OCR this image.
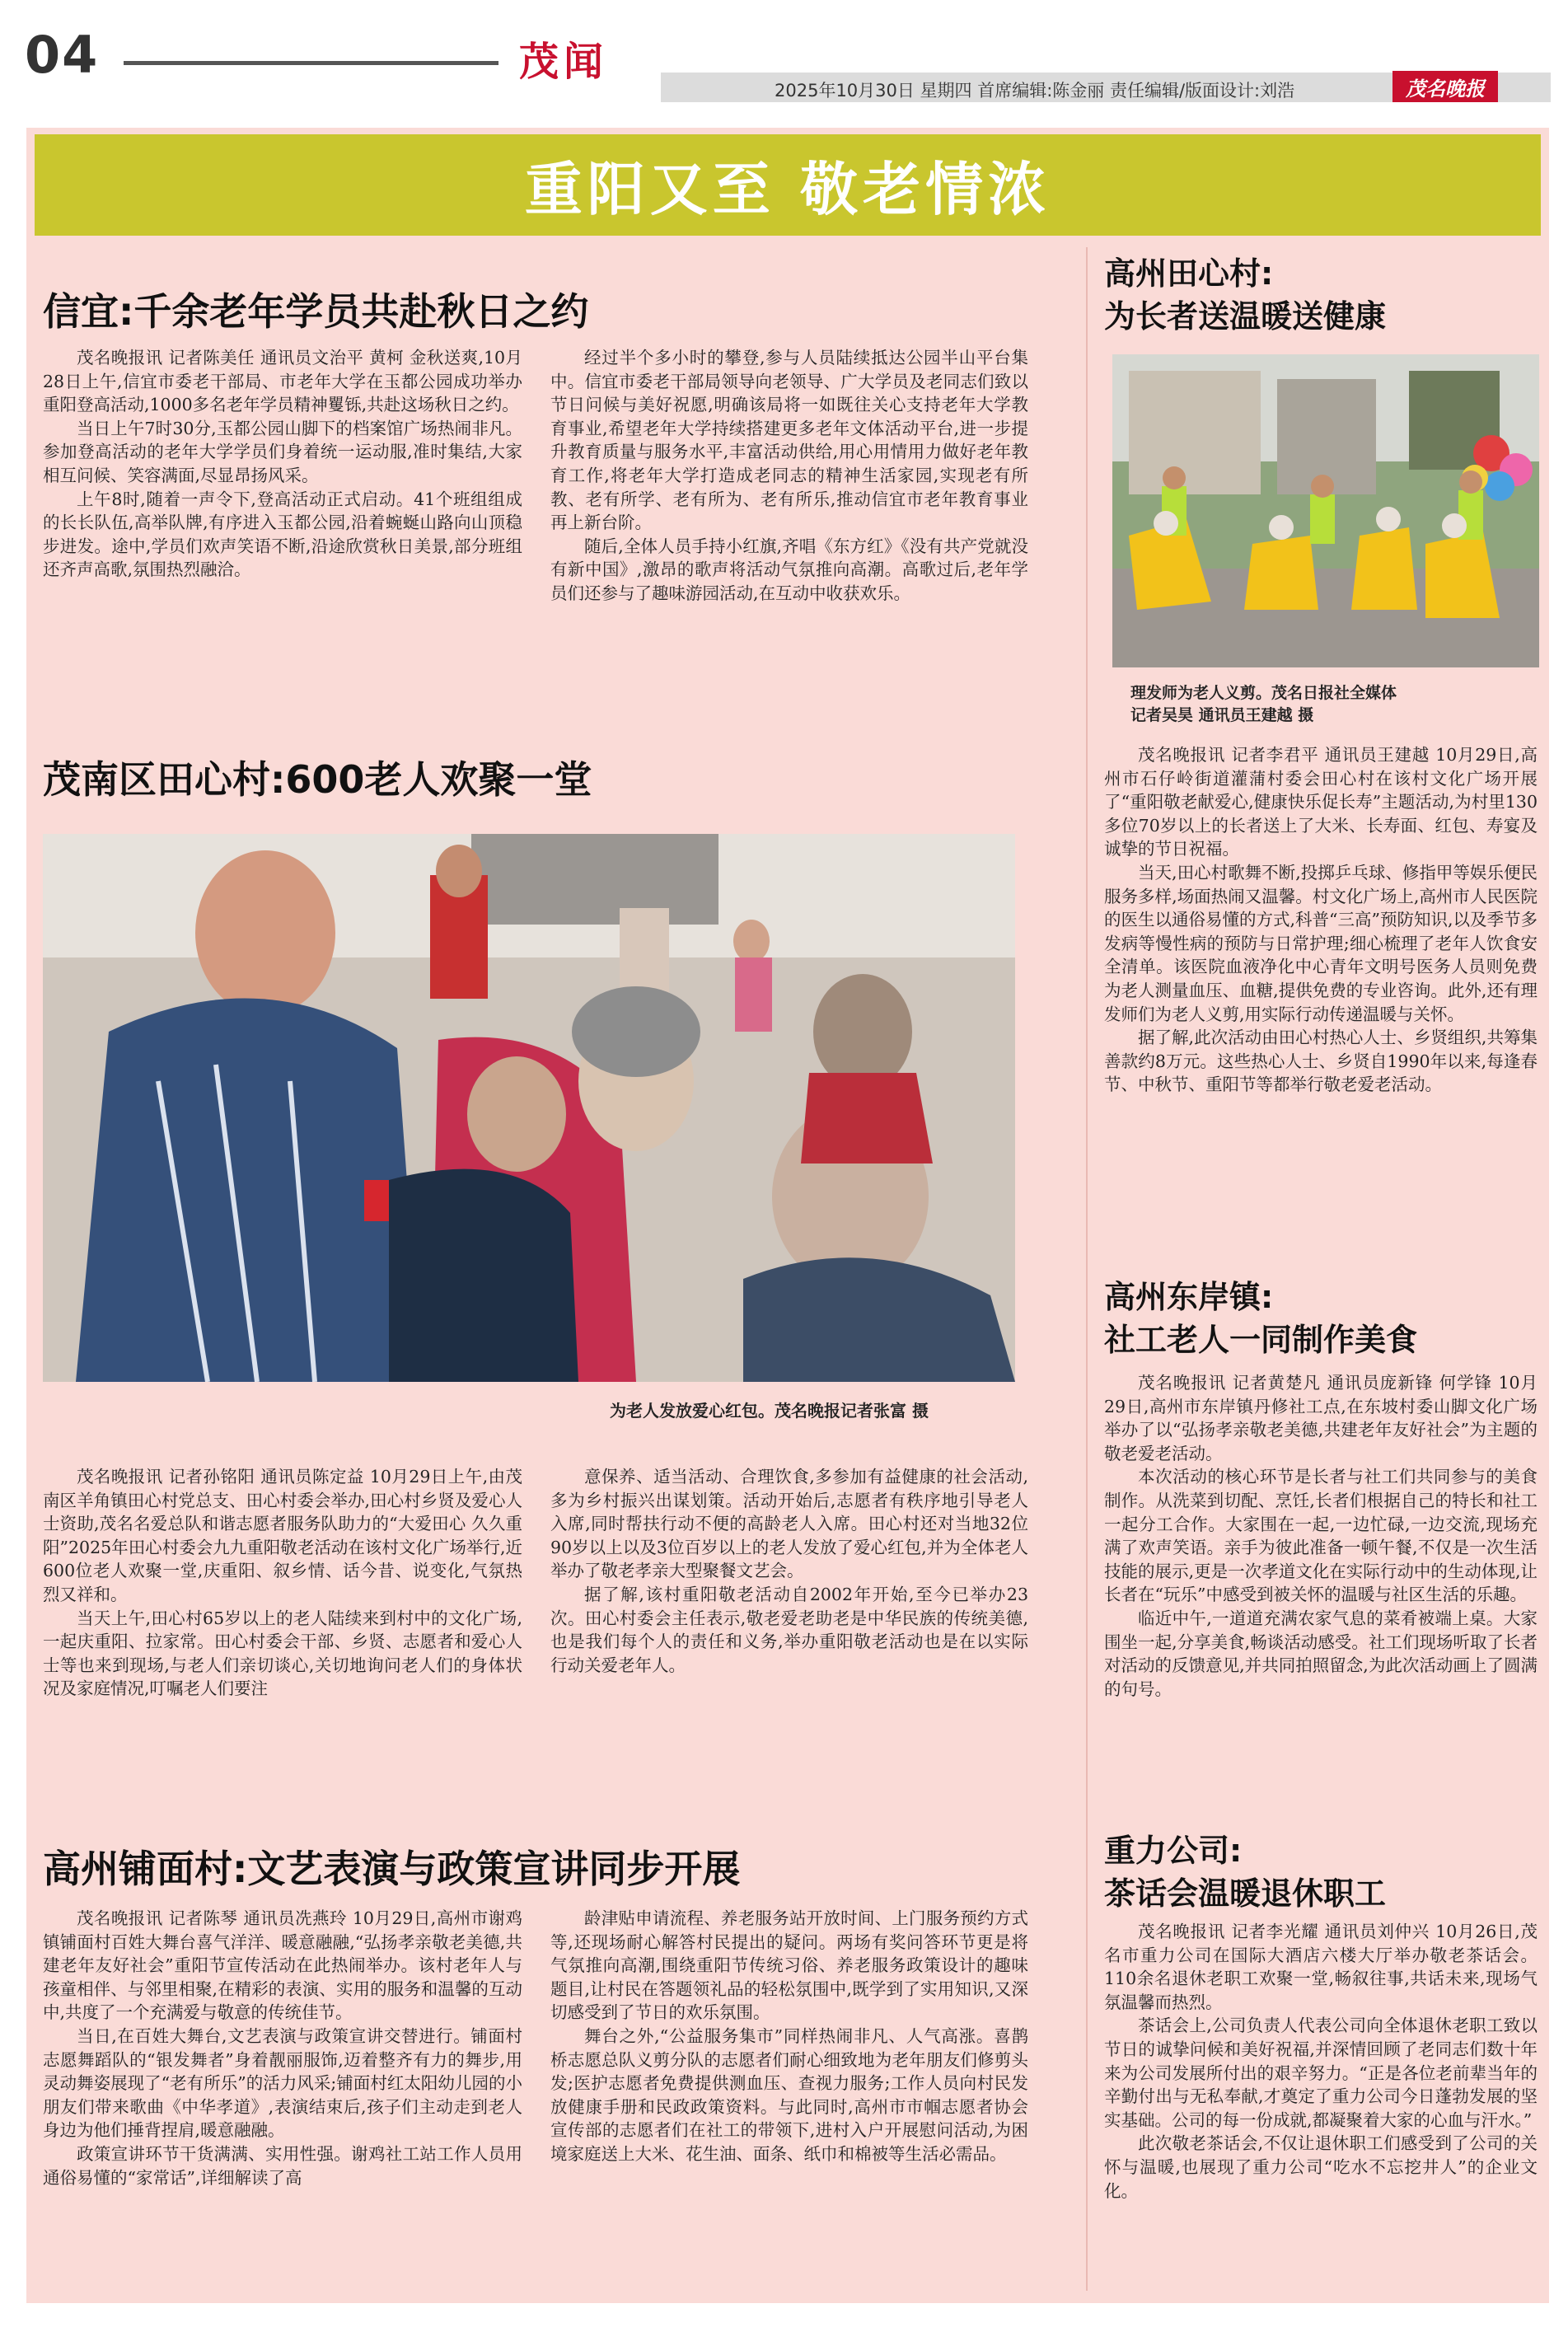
04	茂闻
2025年10月30日 星期四 首席编辑:陈金丽 责任编辑/版面设计:刘浩	茂名晚报
重阳又至 敬老情浓
信宜:千余老年学员共赴秋日之约

茂名晚报讯 记者陈美任 通讯员文治平 黄柯 金秋送爽,10月28日上午,信宜市委老干部局、市老年大学在玉都公园成功举办重阳登高活动,1000多名老年学员精神矍铄,共赴这场秋日之约。

当日上午7时30分,玉都公园山脚下的档案馆广场热闹非凡。参加登高活动的老年大学学员们身着统一运动服,准时集结,大家相互问候、笑容满面,尽显昂扬风采。

上午8时,随着一声令下,登高活动正式启动。41个班组组成的长长队伍,高举队牌,有序进入玉都公园,沿着蜿蜒山路向山顶稳步进发。途中,学员们欢声笑语不断,沿途欣赏秋日美景,部分班组还齐声高歌,氛围热烈融洽。

经过半个多小时的攀登,参与人员陆续抵达公园半山平台集中。信宜市委老干部局领导向老领导、广大学员及老同志们致以节日问候与美好祝愿,明确该局将一如既往关心支持老年大学教育事业,希望老年大学持续搭建更多老年文体活动平台,进一步提升教育质量与服务水平,丰富活动供给,用心用情用力做好老年教育工作,将老年大学打造成老同志的精神生活家园,实现老有所教、老有所学、老有所为、老有所乐,推动信宜市老年教育事业再上新台阶。

随后,全体人员手持小红旗,齐唱《东方红》《没有共产党就没有新中国》,激昂的歌声将活动气氛推向高潮。高歌过后,老年学员们还参与了趣味游园活动,在互动中收获欢乐。

茂南区田心村:600老人欢聚一堂
为老人发放爱心红包。茂名晚报记者张富 摄

茂名晚报讯 记者孙铭阳 通讯员陈定益 10月29日上午,由茂南区羊角镇田心村党总支、田心村委会举办,田心村乡贤及爱心人士资助,茂名名爱总队和谐志愿者服务队助力的“大爱田心 久久重阳”2025年田心村委会九九重阳敬老活动在该村文化广场举行,近600位老人欢聚一堂,庆重阳、叙乡情、话今昔、说变化,气氛热烈又祥和。

当天上午,田心村65岁以上的老人陆续来到村中的文化广场,一起庆重阳、拉家常。田心村委会干部、乡贤、志愿者和爱心人士等也来到现场,与老人们亲切谈心,关切地询问老人们的身体状况及家庭情况,叮嘱老人们要注

意保养、适当活动、合理饮食,多参加有益健康的社会活动,多为乡村振兴出谋划策。活动开始后,志愿者有秩序地引导老人入席,同时帮扶行动不便的高龄老人入席。田心村还对当地32位90岁以上以及3位百岁以上的老人发放了爱心红包,并为全体老人举办了敬老孝亲大型聚餐文艺会。

据了解,该村重阳敬老活动自2002年开始,至今已举办23次。田心村委会主任表示,敬老爱老助老是中华民族的传统美德,也是我们每个人的责任和义务,举办重阳敬老活动也是在以实际行动关爱老年人。

高州铺面村:文艺表演与政策宣讲同步开展

茂名晚报讯 记者陈琴 通讯员冼燕玲 10月29日,高州市谢鸡镇铺面村百姓大舞台喜气洋洋、暖意融融,“弘扬孝亲敬老美德,共建老年友好社会”重阳节宣传活动在此热闹举办。该村老年人与孩童相伴、与邻里相聚,在精彩的表演、实用的服务和温馨的互动中,共度了一个充满爱与敬意的传统佳节。

当日,在百姓大舞台,文艺表演与政策宣讲交替进行。铺面村志愿舞蹈队的“银发舞者”身着靓丽服饰,迈着整齐有力的舞步,用灵动舞姿展现了“老有所乐”的活力风采;铺面村红太阳幼儿园的小朋友们带来歌曲《中华孝道》,表演结束后,孩子们主动走到老人身边为他们捶背捏肩,暖意融融。

政策宣讲环节干货满满、实用性强。谢鸡社工站工作人员用通俗易懂的“家常话”,详细解读了高

龄津贴申请流程、养老服务站开放时间、上门服务预约方式等,还现场耐心解答村民提出的疑问。两场有奖问答环节更是将气氛推向高潮,围绕重阳节传统习俗、养老服务政策设计的趣味题目,让村民在答题领礼品的轻松氛围中,既学到了实用知识,又深切感受到了节日的欢乐氛围。

舞台之外,“公益服务集市”同样热闹非凡、人气高涨。喜鹊桥志愿总队义剪分队的志愿者们耐心细致地为老年朋友们修剪头发;医护志愿者免费提供测血压、查视力服务;工作人员向村民发放健康手册和民政政策资料。与此同时,高州市市帼志愿者协会宣传部的志愿者们在社工的带领下,进村入户开展慰问活动,为困境家庭送上大米、花生油、面条、纸巾和棉被等生活必需品。

高州田心村:
为长者送温暖送健康
理发师为老人义剪。茂名日报社全媒体
记者吴昊 通讯员王建越 摄

茂名晚报讯 记者李君平 通讯员王建越 10月29日,高州市石仔岭街道灌蒲村委会田心村在该村文化广场开展了“重阳敬老献爱心,健康快乐促长寿”主题活动,为村里130多位70岁以上的长者送上了大米、长寿面、红包、寿宴及诚挚的节日祝福。

当天,田心村歌舞不断,投掷乒乓球、修指甲等娱乐便民服务多样,场面热闹又温馨。村文化广场上,高州市人民医院的医生以通俗易懂的方式,科普“三高”预防知识,以及季节多发病等慢性病的预防与日常护理;细心梳理了老年人饮食安全清单。该医院血液净化中心青年文明号医务人员则免费为老人测量血压、血糖,提供免费的专业咨询。此外,还有理发师们为老人义剪,用实际行动传递温暖与关怀。

据了解,此次活动由田心村热心人士、乡贤组织,共筹集善款约8万元。这些热心人士、乡贤自1990年以来,每逢春节、中秋节、重阳节等都举行敬老爱老活动。

高州东岸镇:
社工老人一同制作美食

茂名晚报讯 记者黄楚凡 通讯员庞新锋 何学锋 10月29日,高州市东岸镇丹修社工点,在东坡村委山脚文化广场举办了以“弘扬孝亲敬老美德,共建老年友好社会”为主题的敬老爱老活动。

本次活动的核心环节是长者与社工们共同参与的美食制作。从洗菜到切配、烹饪,长者们根据自己的特长和社工一起分工合作。大家围在一起,一边忙碌,一边交流,现场充满了欢声笑语。亲手为彼此准备一顿午餐,不仅是一次生活技能的展示,更是一次孝道文化在实际行动中的生动体现,让长者在“玩乐”中感受到被关怀的温暖与社区生活的乐趣。

临近中午,一道道充满农家气息的菜肴被端上桌。大家围坐一起,分享美食,畅谈活动感受。社工们现场听取了长者对活动的反馈意见,并共同拍照留念,为此次活动画上了圆满的句号。

重力公司:
茶话会温暖退休职工

茂名晚报讯 记者李光耀 通讯员刘仲兴 10月26日,茂名市重力公司在国际大酒店六楼大厅举办敬老茶话会。110余名退休老职工欢聚一堂,畅叙往事,共话未来,现场气氛温馨而热烈。

茶话会上,公司负责人代表公司向全体退休老职工致以节日的诚挚问候和美好祝福,并深情回顾了老同志们数十年来为公司发展所付出的艰辛努力。“正是各位老前辈当年的辛勤付出与无私奉献,才奠定了重力公司今日蓬勃发展的坚实基础。公司的每一份成就,都凝聚着大家的心血与汗水。”

此次敬老茶话会,不仅让退休职工们感受到了公司的关怀与温暖,也展现了重力公司“吃水不忘挖井人”的企业文化。
